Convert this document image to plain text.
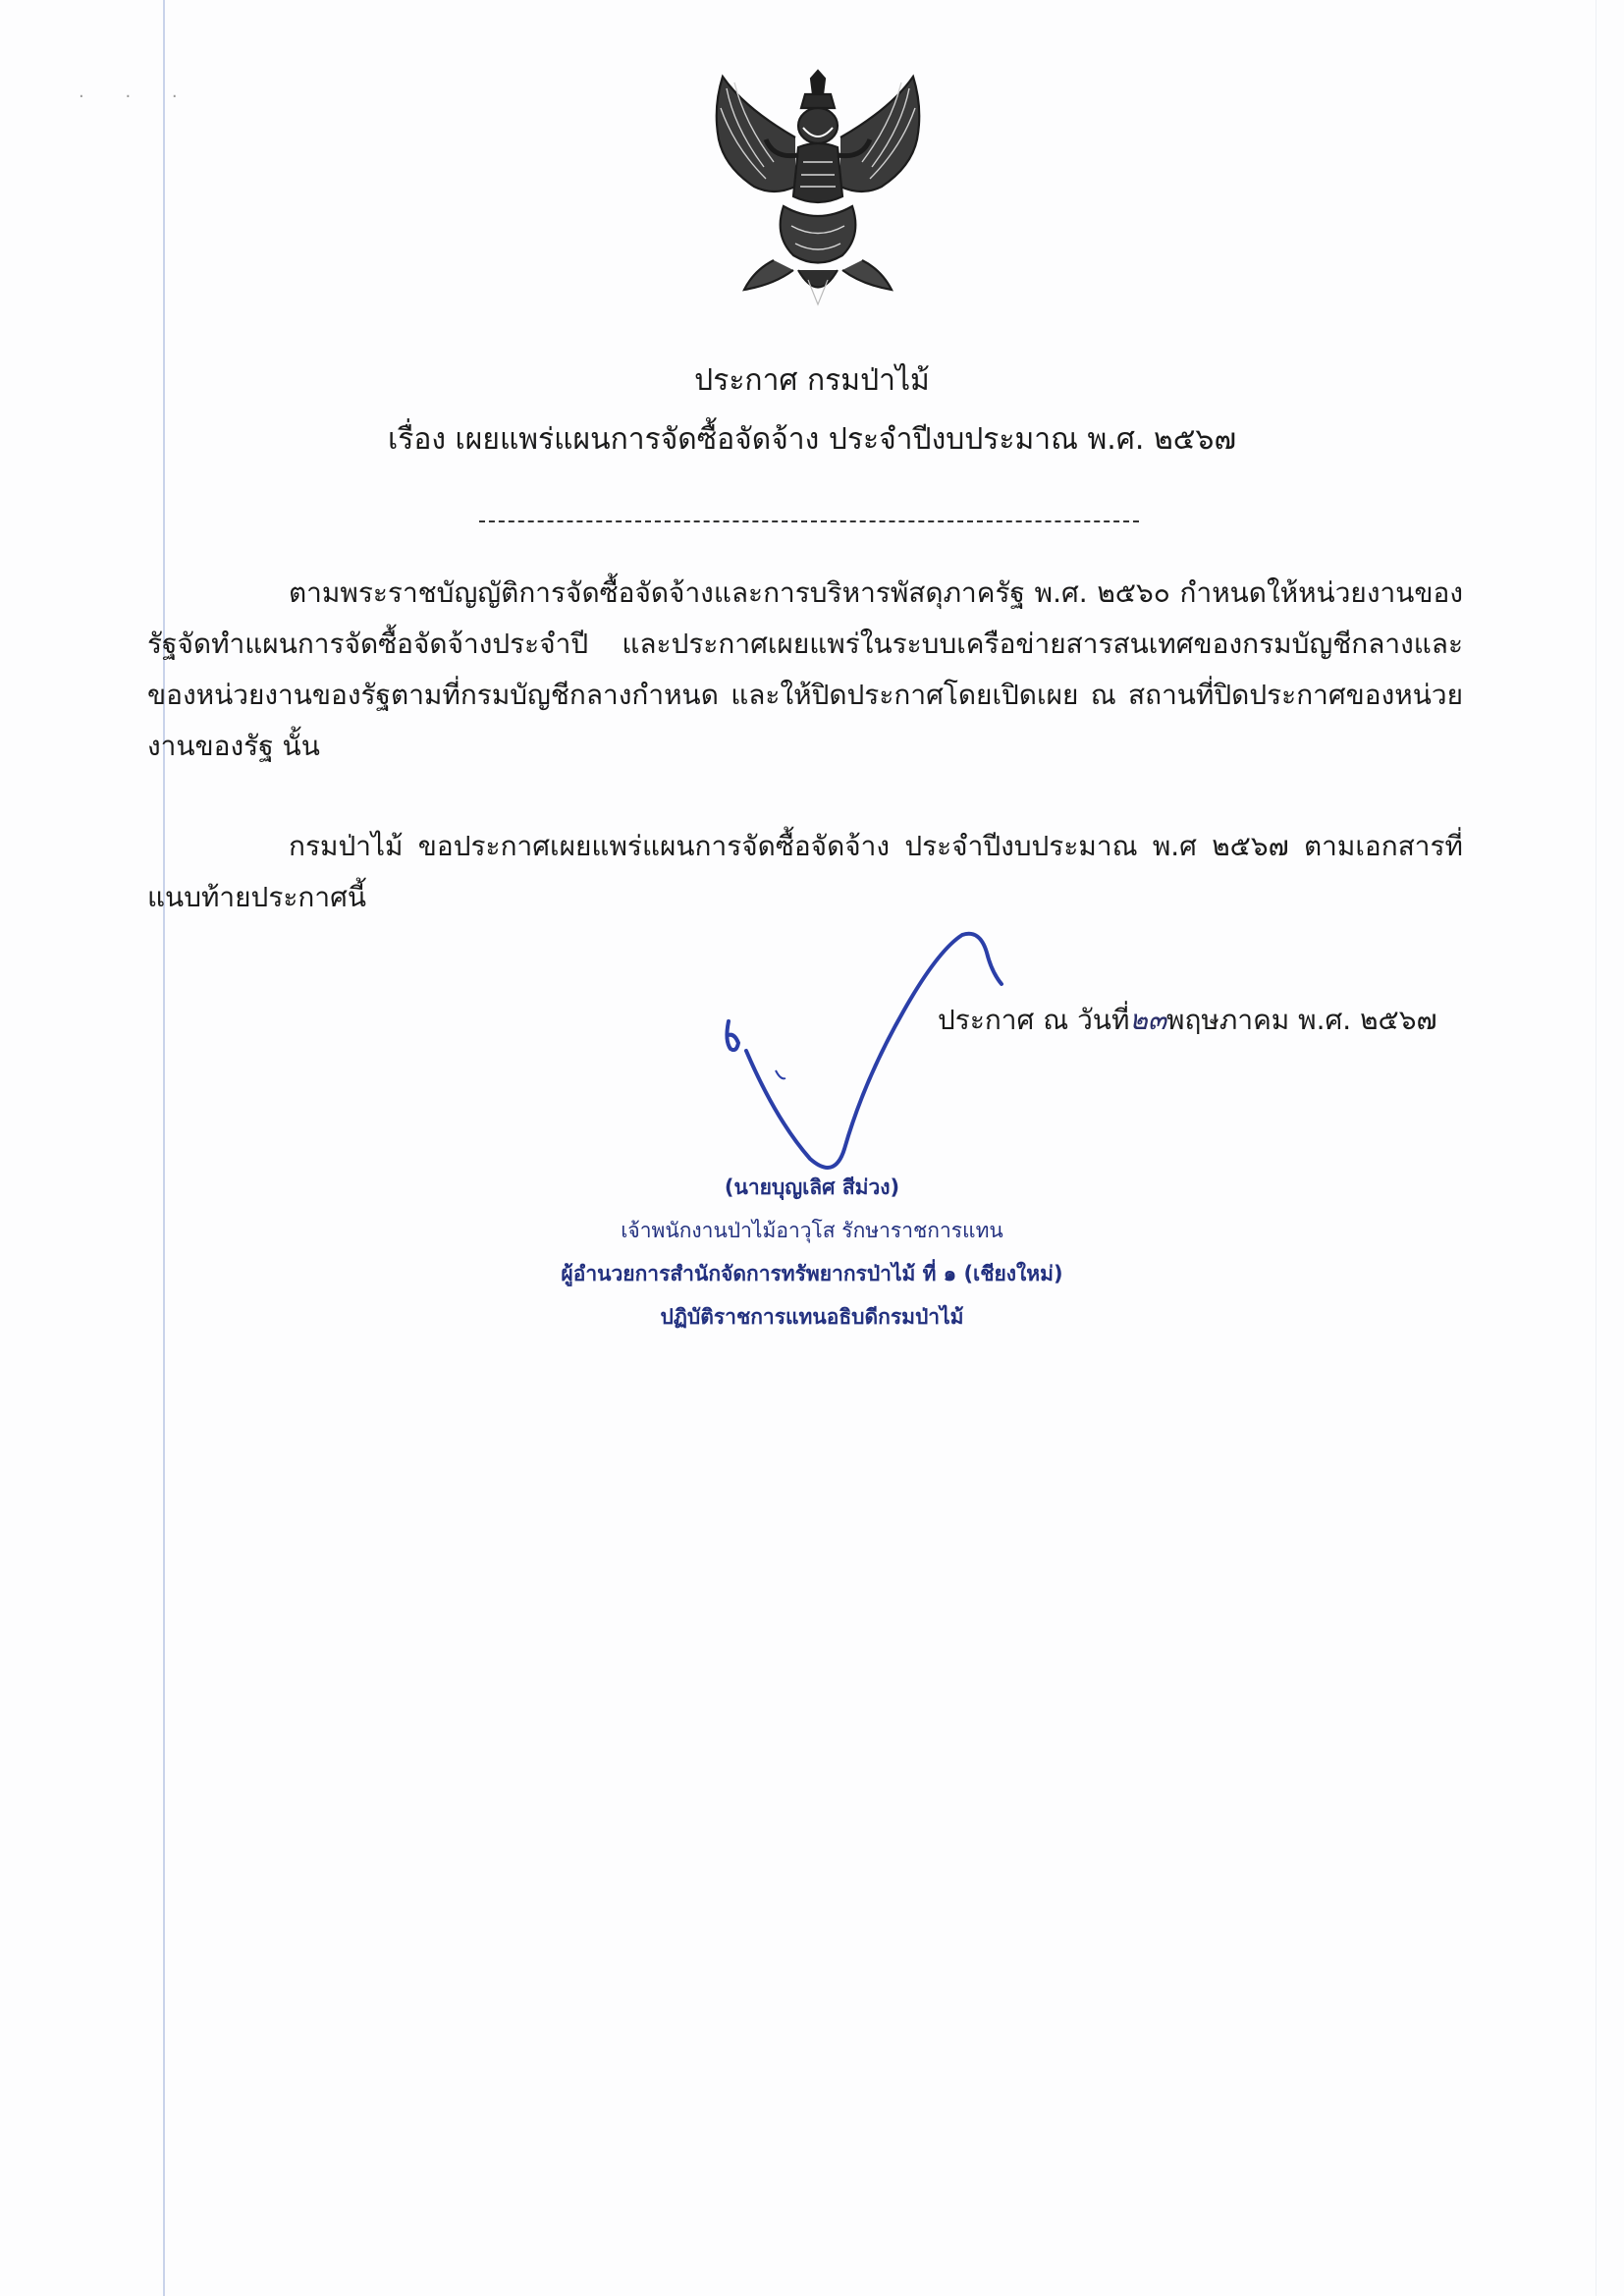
· · ·
ประกาศ กรมป่าไม้
เรื่อง เผยแพร่แผนการจัดซื้อจัดจ้าง ประจำปีงบประมาณ พ.ศ. ๒๕๖๗
ตามพระราชบัญญัติการจัดซื้อจัดจ้างและการบริหารพัสดุภาครัฐ พ.ศ. ๒๕๖๐ กำหนดให้หน่วยงานของรัฐจัดทำแผนการจัดซื้อจัดจ้างประจำปี และประกาศเผยแพร่ในระบบเครือข่ายสารสนเทศของกรมบัญชีกลางและของหน่วยงานของรัฐตามที่กรมบัญชีกลางกำหนด และให้ปิดประกาศโดยเปิดเผย ณ สถานที่ปิดประกาศของหน่วยงานของรัฐ นั้น
กรมป่าไม้ ขอประกาศเผยแพร่แผนการจัดซื้อจัดจ้าง ประจำปีงบประมาณ พ.ศ ๒๕๖๗ ตามเอกสารที่แนบท้ายประกาศนี้
ประกาศ ณ วันที่๒๓พฤษภาคม พ.ศ. ๒๕๖๗
(นายบุญเลิศ สีม่วง)
เจ้าพนักงานป่าไม้อาวุโส รักษาราชการแทน
ผู้อำนวยการสำนักจัดการทรัพยากรป่าไม้ ที่ ๑ (เชียงใหม่)
ปฏิบัติราชการแทนอธิบดีกรมป่าไม้
